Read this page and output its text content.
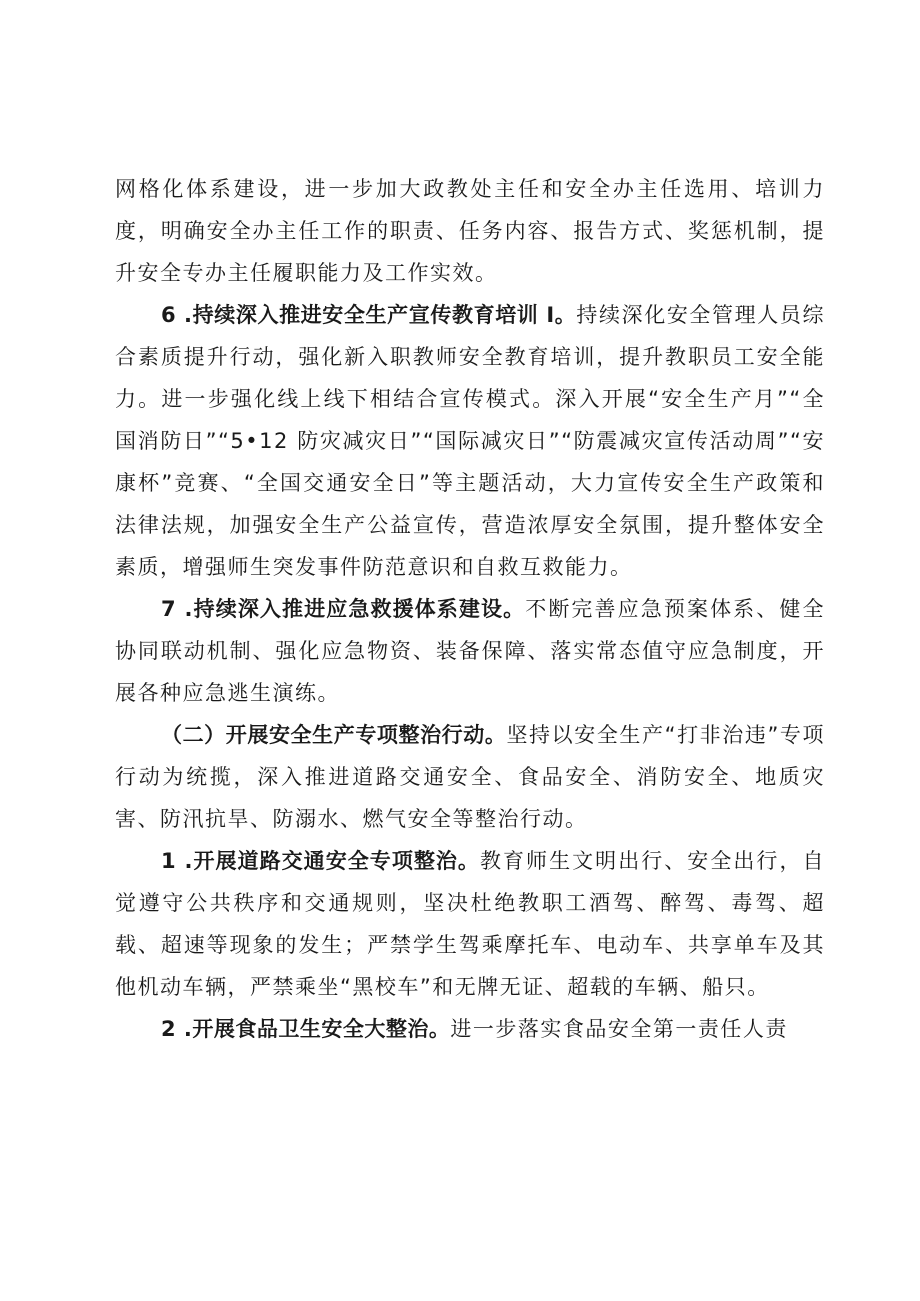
网格化体系建设，进一步加大政教处主任和安全办主任选用、培训力度，明确安全办主任工作的职责、任务内容、报告方式、奖惩机制，提升安全专办主任履职能力及工作实效。

6 .持续深入推进安全生产宣传教育培训 I。持续深化安全管理人员综合素质提升行动，强化新入职教师安全教育培训，提升教职员工安全能力。进一步强化线上线下相结合宣传模式。深入开展“安全生产月”“全国消防日”“5•12 防灾减灾日”“国际减灾日”“防震减灾宣传活动周”“安康杯”竞赛、“全国交通安全日”等主题活动，大力宣传安全生产政策和法律法规，加强安全生产公益宣传，营造浓厚安全氛围，提升整体安全素质，增强师生突发事件防范意识和自救互救能力。

7 .持续深入推进应急救援体系建设。不断完善应急预案体系、健全协同联动机制、强化应急物资、装备保障、落实常态值守应急制度，开展各种应急逃生演练。

（二）开展安全生产专项整治行动。坚持以安全生产“打非治违”专项行动为统揽，深入推进道路交通安全、食品安全、消防安全、地质灾害、防汛抗旱、防溺水、燃气安全等整治行动。

1 .开展道路交通安全专项整治。教育师生文明出行、安全出行，自觉遵守公共秩序和交通规则，坚决杜绝教职工酒驾、醉驾、毒驾、超载、超速等现象的发生；严禁学生驾乘摩托车、电动车、共享单车及其他机动车辆，严禁乘坐“黑校车”和无牌无证、超载的车辆、船只。

2 .开展食品卫生安全大整治。进一步落实食品安全第一责任人责
